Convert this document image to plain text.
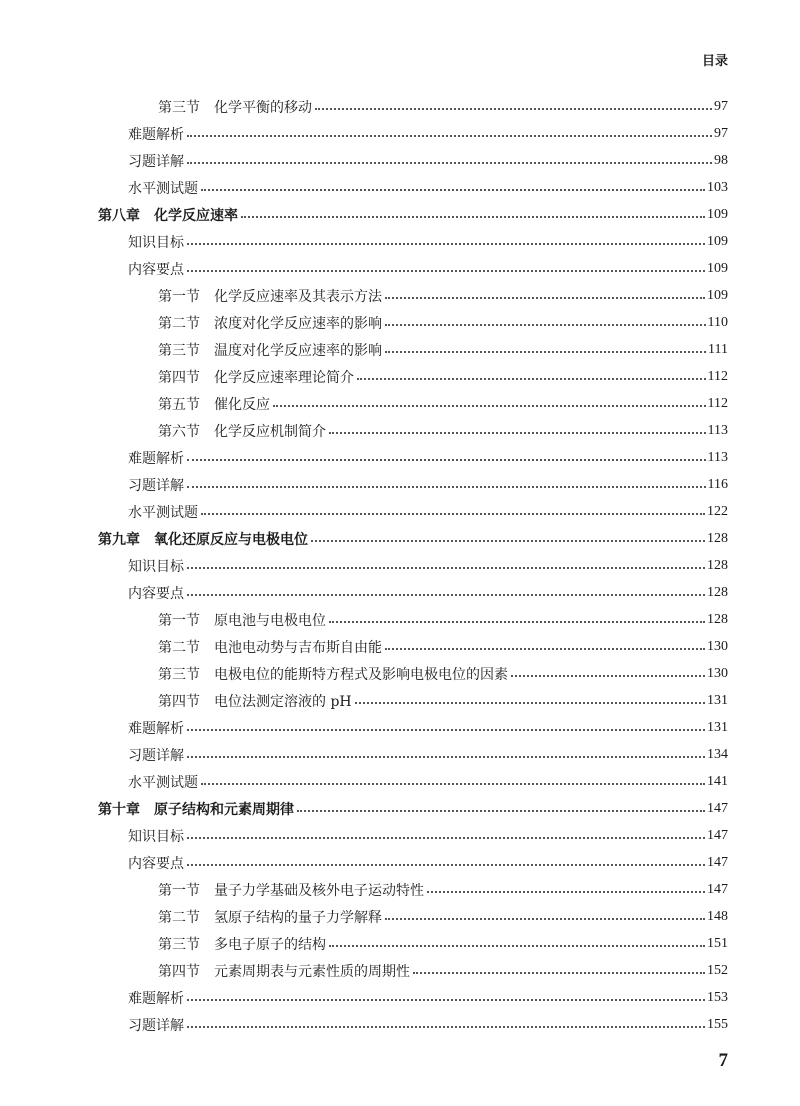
目录
第三节 化学平衡的移动	97
难题解析	97
习题详解	98
水平测试题	103
第八章 化学反应速率	109
知识目标	109
内容要点	109
第一节 化学反应速率及其表示方法	109
第二节 浓度对化学反应速率的影响	110
第三节 温度对化学反应速率的影响	111
第四节 化学反应速率理论简介	112
第五节 催化反应	112
第六节 化学反应机制简介	113
难题解析	113
习题详解	116
水平测试题	122
第九章 氧化还原反应与电极电位	128
知识目标	128
内容要点	128
第一节 原电池与电极电位	128
第二节 电池电动势与吉布斯自由能	130
第三节 电极电位的能斯特方程式及影响电极电位的因素	130
第四节 电位法测定溶液的 pH	131
难题解析	131
习题详解	134
水平测试题	141
第十章 原子结构和元素周期律	147
知识目标	147
内容要点	147
第一节 量子力学基础及核外电子运动特性	147
第二节 氢原子结构的量子力学解释	148
第三节 多电子原子的结构	151
第四节 元素周期表与元素性质的周期性	152
难题解析	153
习题详解	155
7
